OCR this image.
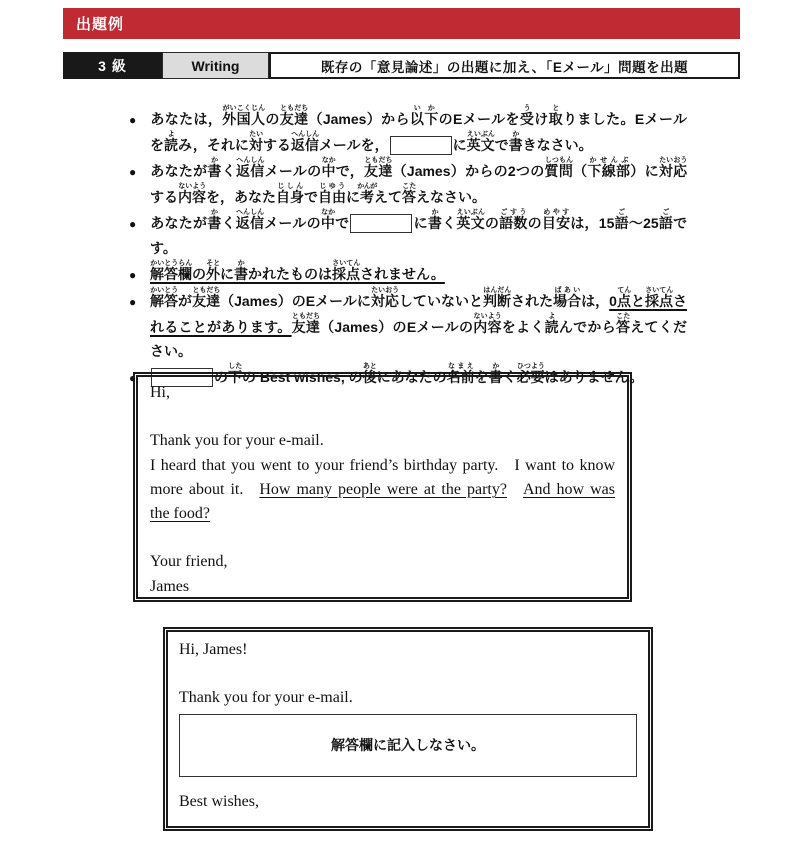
出題例
3 級	Writing	既存の「意見論述」の出題に加え、「Eメール」問題を出題

● あなたは，外国人がいこくじんの友達ともだち（James）から以下いかのEメールを受うけ取とりました。Eメールを読よみ，それに対たいする返信へんしんメールを，	に英文えいぶんで書かきなさい。

● あなたが書かく返信へんしんメールの中なかで，友達ともだち（James）からの2つの質問しつもん（下線部かせんぶ）に対たい応おうする内容ないようを，あなた自身じしんで自由じゆうに考かんがえて答こたえなさい。

● あなたが書かく返信へんしんメールの中なかで	に書かく英文えいぶんの語数ごすうの目安めやすは，15語ご〜25語ごです。

● 解答欄かいとうらんの外そとに書かかれたものは採点さいてんされません。

● 解答かいとうが友達ともだち（James）のEメールに対応たいおうしていないと判断はんだんされた場合ばあいは，0点てんと採さい点てんされることがあります。友達ともだち（James）のEメールの内容ないようをよく読よんでから答こたえてください。

●	の下したの Best wishes, の後あとにあなたの名前なまえを書かく必要ひつようはありません。

Hi,
Thank you for your e-mail.
I heard that you went to your friend’s birthday party. I want to know more about it. How many people were at the party?  And how was the food?
Your friend,
James
Hi, James!
Thank you for your e-mail.
解答欄に記入しなさい。
Best wishes,
